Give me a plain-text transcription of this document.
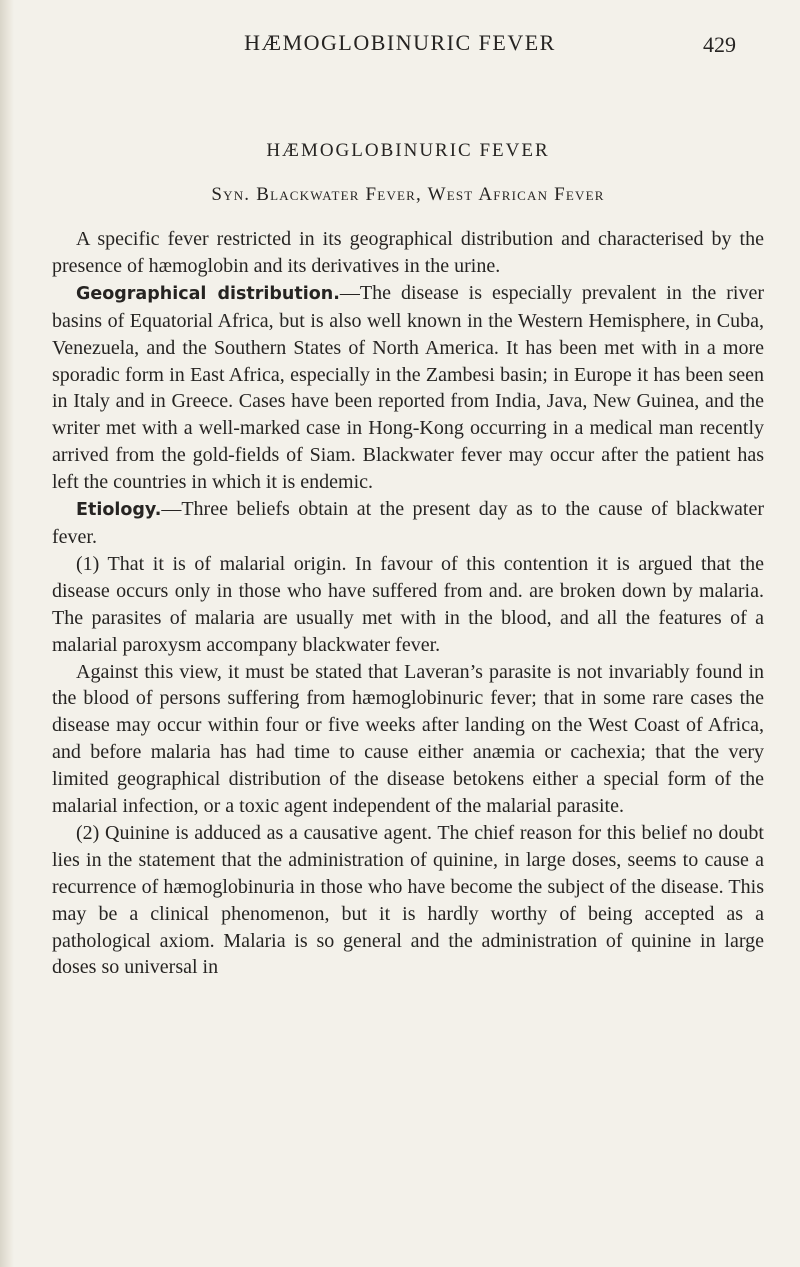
HÆMOGLOBINURIC FEVER	429
HÆMOGLOBINURIC FEVER
Syn. Blackwater Fever, West African Fever

A specific fever restricted in its geographical distribution and characterised by the presence of hæmoglobin and its derivatives in the urine.

Geographical distribution.—The disease is especially prevalent in the river basins of Equatorial Africa, but is also well known in the Western Hemisphere, in Cuba, Venezuela, and the Southern States of North America. It has been met with in a more sporadic form in East Africa, especially in the Zambesi basin; in Europe it has been seen in Italy and in Greece. Cases have been reported from India, Java, New Guinea, and the writer met with a well-marked case in Hong-Kong occurring in a medical man recently arrived from the gold-fields of Siam. Blackwater fever may occur after the patient has left the countries in which it is endemic.

Etiology.—Three beliefs obtain at the present day as to the cause of blackwater fever.

(1) That it is of malarial origin. In favour of this contention it is argued that the disease occurs only in those who have suffered from and. are broken down by malaria. The parasites of malaria are usually met with in the blood, and all the features of a malarial paroxysm accompany blackwater fever.

Against this view, it must be stated that Laveran’s parasite is not invariably found in the blood of persons suffering from hæmoglobinuric fever; that in some rare cases the disease may occur within four or five weeks after landing on the West Coast of Africa, and before malaria has had time to cause either anæmia or cachexia; that the very limited geographical distribution of the disease betokens either a special form of the malarial infection, or a toxic agent independent of the malarial parasite.

(2) Quinine is adduced as a causative agent. The chief reason for this belief no doubt lies in the statement that the administration of quinine, in large doses, seems to cause a recurrence of hæmoglobinuria in those who have become the subject of the disease. This may be a clinical phenomenon, but it is hardly worthy of being accepted as a pathological axiom. Malaria is so general and the administration of quinine in large doses so universal in
